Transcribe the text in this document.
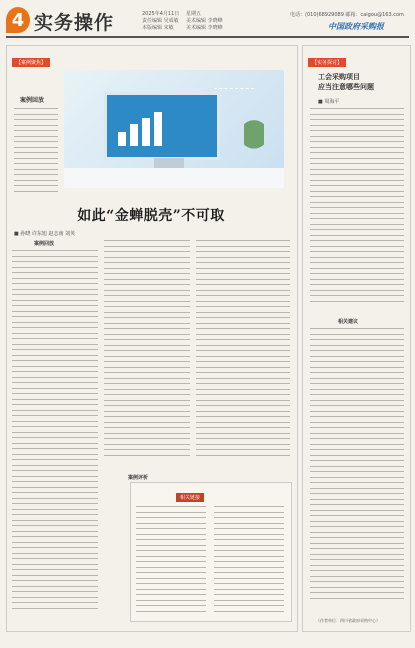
4 实务操作	2025年4月11日
责任编辑 吴成敏
本版编辑 宋敏
星期五
美术编辑 李晓峰
美术编辑 李晓峰
电话：(010)68929089 邮箱：caigou@163.com
中国政府采购报
【案例聚焦】
案例回放
如此“金蝉脱壳”不可取
■ 孙晓 许东旭 赵志南 刘英
案例回放
案例评析
相关链接
【实务探讨】
工会采购项目
应当注意哪些问题
■ 周海平
相关建议
（作者单位：四川省政府采购中心）
